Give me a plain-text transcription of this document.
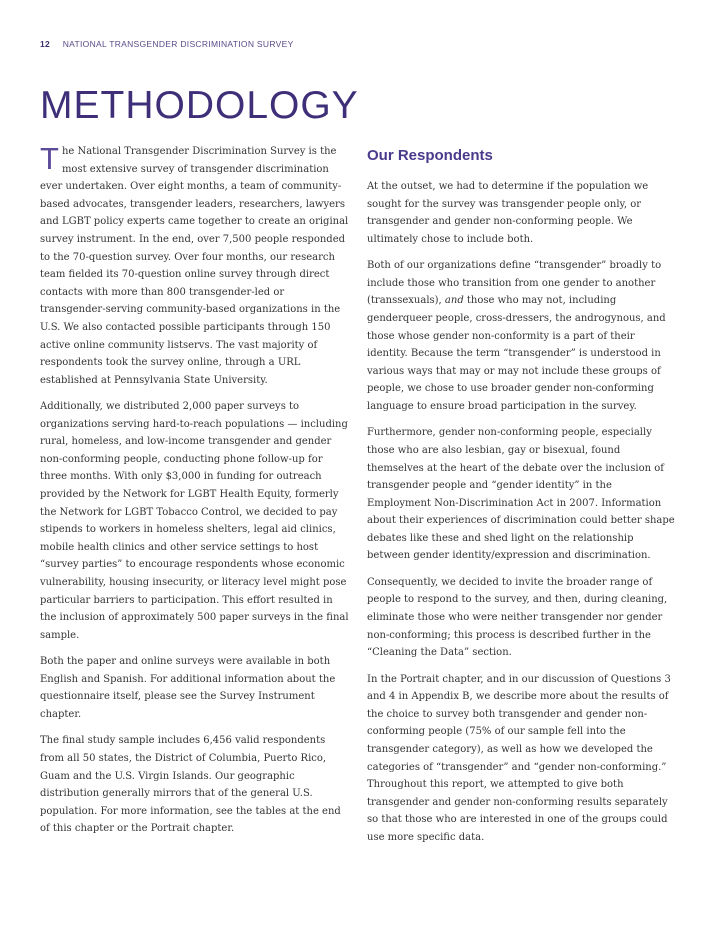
12 NATIONAL TRANSGENDER DISCRIMINATION SURVEY
METHODOLOGY

The National Transgender Discrimination Survey is the most extensive survey of transgender discrimination ever undertaken. Over eight months, a team of community-based advocates, transgender leaders, researchers, lawyers and LGBT policy experts came together to create an original survey instrument. In the end, over 7,500 people responded to the 70-question survey. Over four months, our research team fielded its 70-question online survey through direct contacts with more than 800 transgender-led or transgender-serving community-based organizations in the U.S. We also contacted possible participants through 150 active online community listservs. The vast majority of respondents took the survey online, through a URL established at Pennsylvania State University.

Additionally, we distributed 2,000 paper surveys to organizations serving hard-to-reach populations — including rural, homeless, and low-income transgender and gender non-conforming people, conducting phone follow-up for three months. With only $3,000 in funding for outreach provided by the Network for LGBT Health Equity, formerly the Network for LGBT Tobacco Control, we decided to pay stipends to workers in homeless shelters, legal aid clinics, mobile health clinics and other service settings to host “survey parties” to encourage respondents whose economic vulnerability, housing insecurity, or literacy level might pose particular barriers to participation. This effort resulted in the inclusion of approximately 500 paper surveys in the final sample.

Both the paper and online surveys were available in both English and Spanish. For additional information about the questionnaire itself, please see the Survey Instrument chapter.

The final study sample includes 6,456 valid respondents from all 50 states, the District of Columbia, Puerto Rico, Guam and the U.S. Virgin Islands. Our geographic distribution generally mirrors that of the general U.S. population. For more information, see the tables at the end of this chapter or the Portrait chapter.

Our Respondents

At the outset, we had to determine if the population we sought for the survey was transgender people only, or transgender and gender non-conforming people. We ultimately chose to include both.

Both of our organizations define “transgender” broadly to include those who transition from one gender to another (transsexuals), and those who may not, including genderqueer people, cross-dressers, the androgynous, and those whose gender non-conformity is a part of their identity. Because the term “transgender” is understood in various ways that may or may not include these groups of people, we chose to use broader gender non-conforming language to ensure broad participation in the survey.

Furthermore, gender non-conforming people, especially those who are also lesbian, gay or bisexual, found themselves at the heart of the debate over the inclusion of transgender people and “gender identity” in the Employment Non-Discrimination Act in 2007. Information about their experiences of discrimination could better shape debates like these and shed light on the relationship between gender identity/expression and discrimination.

Consequently, we decided to invite the broader range of people to respond to the survey, and then, during cleaning, eliminate those who were neither transgender nor gender non-conforming; this process is described further in the “Cleaning the Data” section.

In the Portrait chapter, and in our discussion of Questions 3 and 4 in Appendix B, we describe more about the results of the choice to survey both transgender and gender non-conforming people (75% of our sample fell into the transgender category), as well as how we developed the categories of “transgender” and “gender non-conforming.” Throughout this report, we attempted to give both transgender and gender non-conforming results separately so that those who are interested in one of the groups could use more specific data.
